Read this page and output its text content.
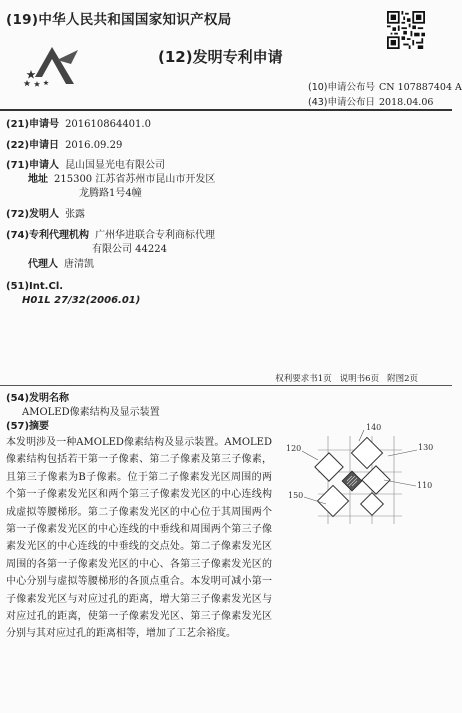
(19)中华人民共和国国家知识产权局
(12)发明专利申请
(10)申请公布号 CN 107887404 A
(43)申请公布日 2018.04.06
(21)申请号 201610864401.0
(22)申请日 2016.09.29
(71)申请人 昆山国显光电有限公司
地址 215300 江苏省苏州市昆山市开发区
龙腾路1号4幢
(72)发明人 张露
(74)专利代理机构 广州华进联合专利商标代理
有限公司 44224
代理人 唐清凯
(51)Int.Cl.
H01L 27/32(2006.01)
权利要求书1页 说明书6页 附图2页
(54)发明名称
AMOLED像素结构及显示装置
(57)摘要
本发明涉及一种AMOLED像素结构及显示装置。AMOLED像素结构包括若干第一子像素、第二子像素及第三子像素，且第三子像素为B子像素。位于第二子像素发光区周围的两个第一子像素发光区和两个第三子像素发光区的中心连线构成虚拟等腰梯形。第二子像素发光区的中心位于其周围两个第一子像素发光区的中心连线的中垂线和周围两个第三子像素发光区的中心连线的中垂线的交点处。第二子像素发光区周围的各第一子像素发光区的中心、各第三子像素发光区的中心分别与虚拟等腰梯形的各顶点重合。本发明可减小第一子像素发光区与对应过孔的距离，增大第三子像素发光区与对应过孔的距离，使第一子像素发光区、第三子像素发光区分别与其对应过孔的距离相等，增加了工艺余裕度。
140
120	130
150
110
